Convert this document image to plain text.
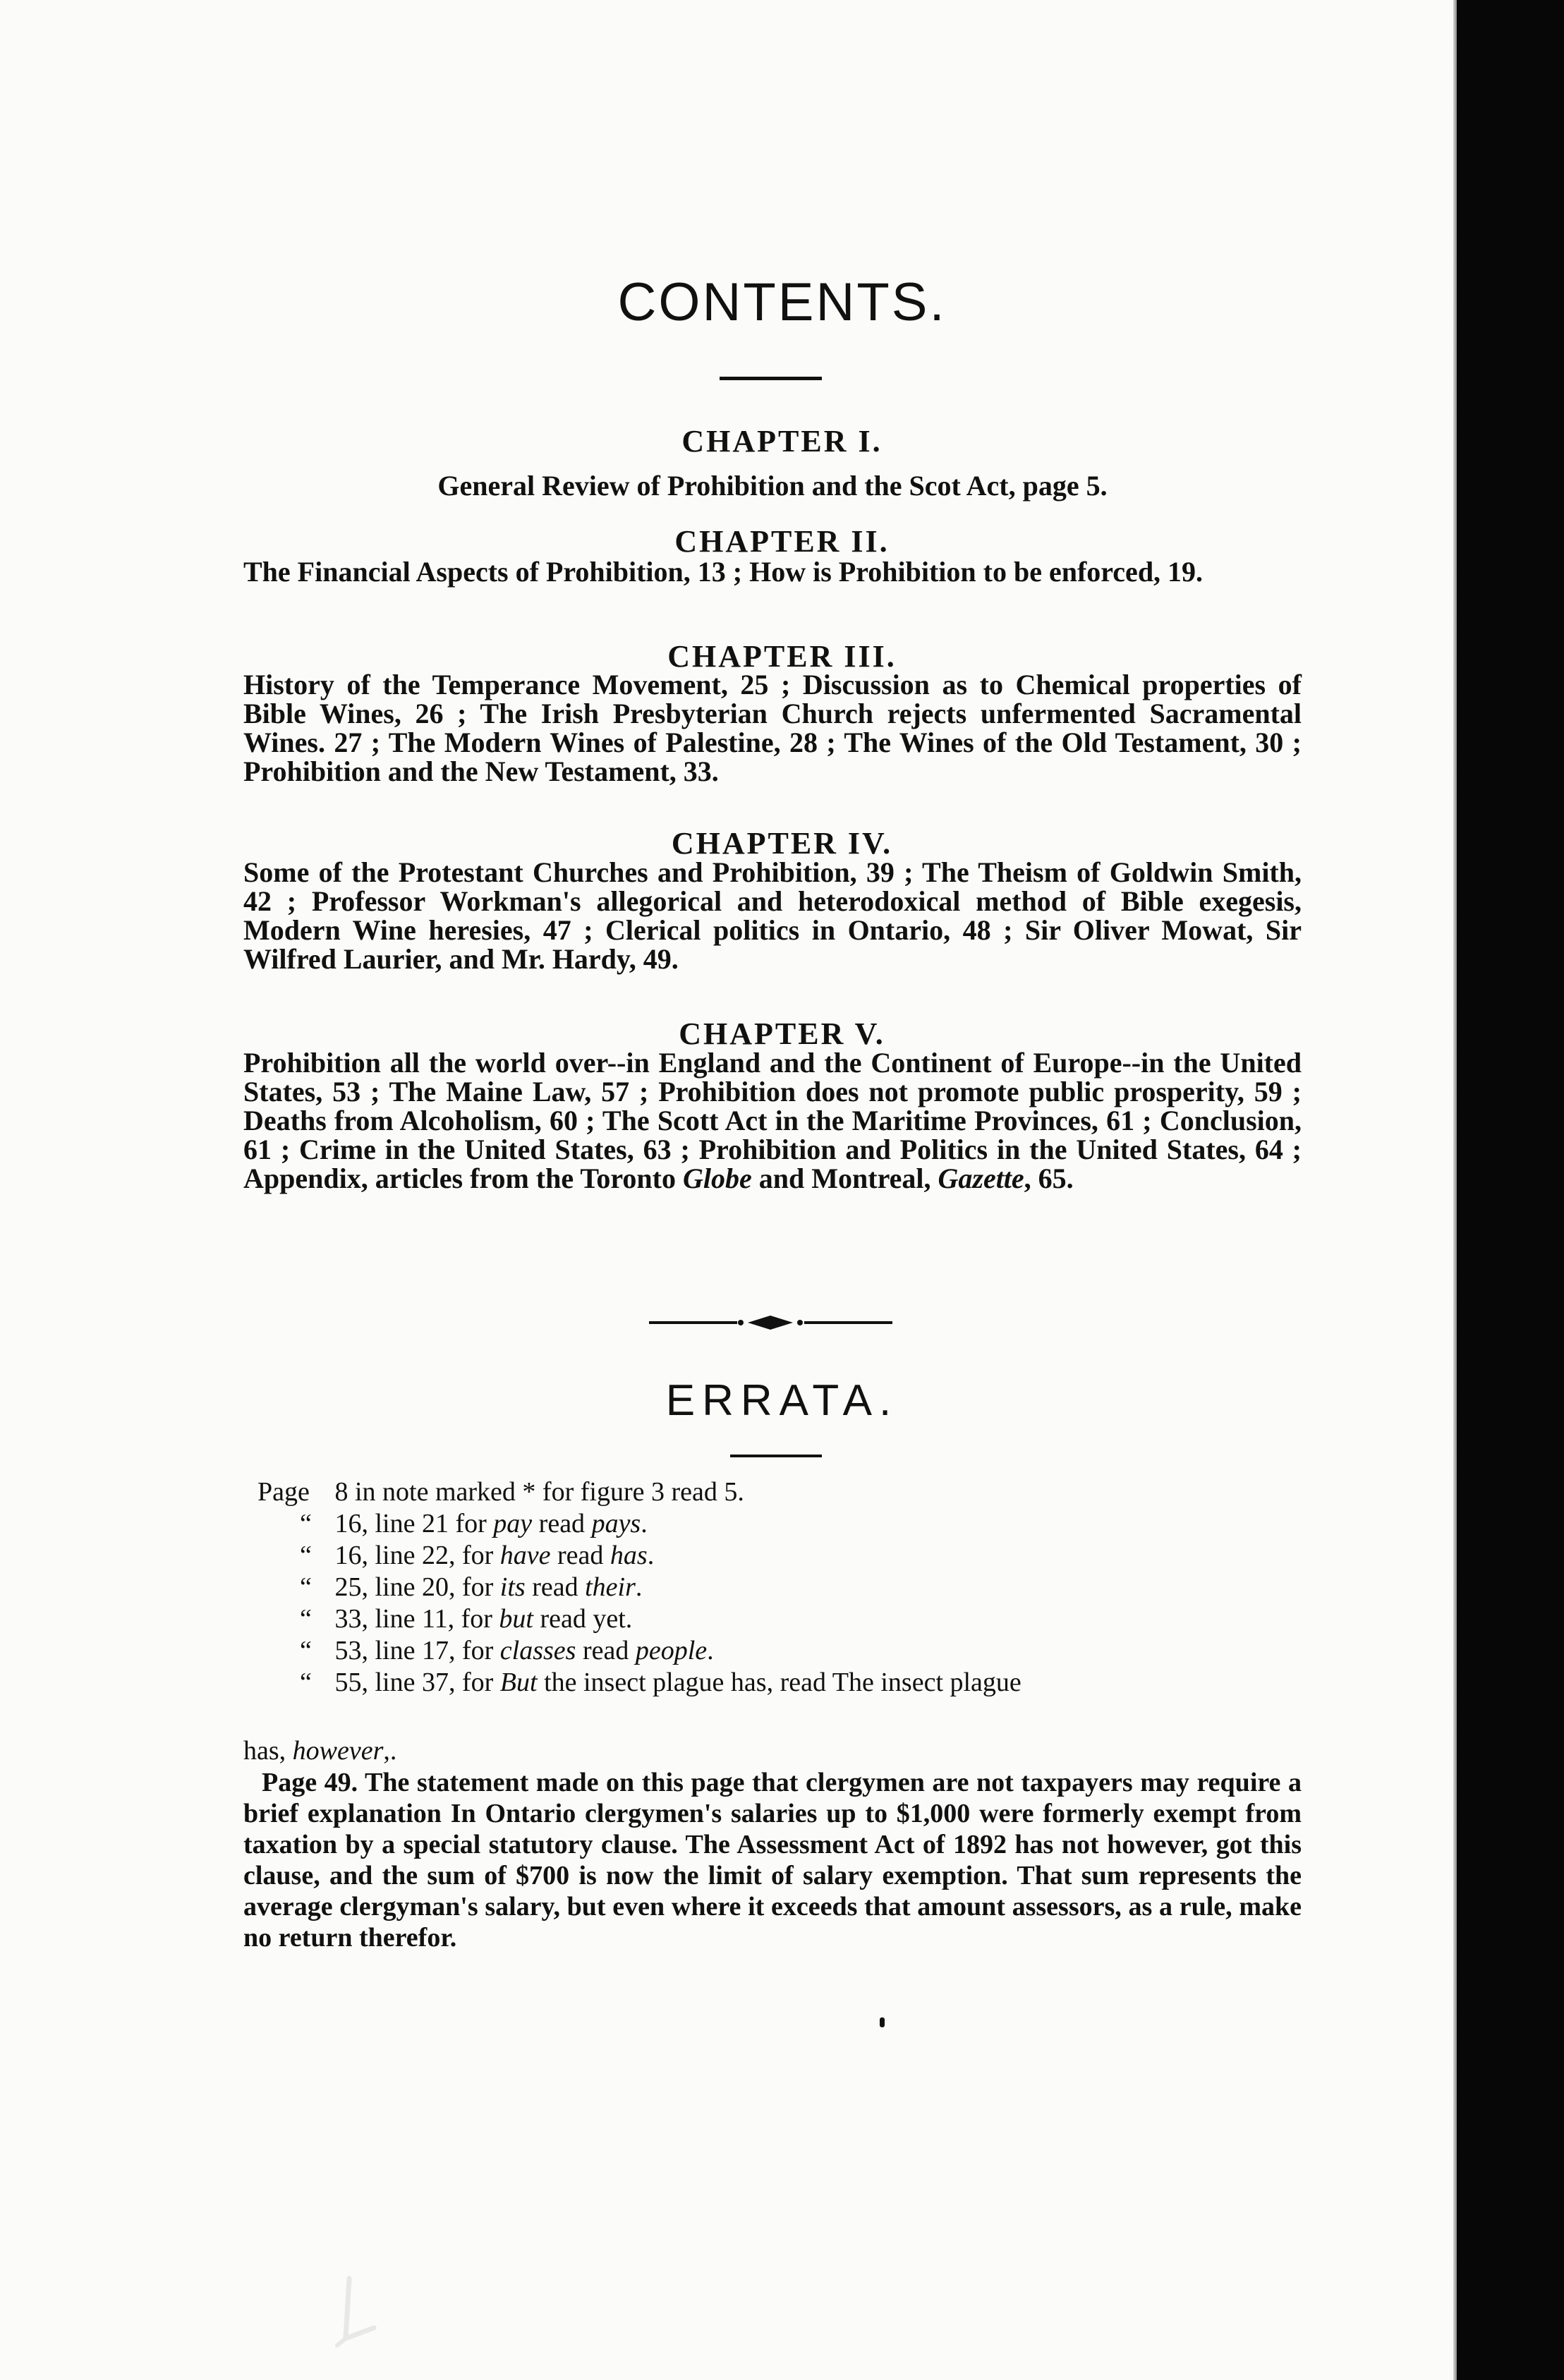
CONTENTS.
CHAPTER I.

General Review of Prohibition and the Scot Act, page 5.

CHAPTER II.

The Financial Aspects of Prohibition, 13 ; How is Prohibition to be enforced, 19.

CHAPTER III.

History of the Temperance Movement, 25 ; Discussion as to Chemical properties of Bible Wines, 26 ; The Irish Presbyterian Church rejects unfermented Sacramental Wines. 27 ; The Modern Wines of Palestine, 28 ; The Wines of the Old Testament, 30 ; Prohibition and the New Testament, 33.

CHAPTER IV.

Some of the Protestant Churches and Prohibition, 39 ; The Theism of Goldwin Smith, 42 ; Professor Workman's allegorical and heterodoxical method of Bible exegesis, Modern Wine heresies, 47 ; Clerical politics in Ontario, 48 ; Sir Oliver Mowat, Sir Wilfred Laurier, and Mr. Hardy, 49.

CHAPTER V.

Prohibition all the world over--in England and the Continent of Europe--in the United States, 53 ; The Maine Law, 57 ; Prohibition does not promote public prosperity, 59 ; Deaths from Alcoholism, 60 ; The Scott Act in the Maritime Provinces, 61 ; Conclusion, 61 ; Crime in the United States, 63 ; Prohibition and Politics in the United States, 64 ; Appendix, articles from the Toronto Globe and Montreal, Gazette, 65.

ERRATA.
Page 8 in note marked * for figure 3 read 5.
“ 16, line 21 for pay read pays.
“ 16, line 22, for have read has.
“ 25, line 20, for its read their.
“ 33, line 11, for but read yet.
“ 53, line 17, for classes read people.
“ 55, line 37, for But the insect plague has, read The insect plague

has, however,.

Page 49. The statement made on this page that clergymen are not taxpayers may require a brief explanation In Ontario clergymen's salaries up to $1,000 were formerly exempt from taxation by a special statutory clause. The Assessment Act of 1892 has not however, got this clause, and the sum of $700 is now the limit of salary exemption. That sum represents the average clergyman's salary, but even where it exceeds that amount assessors, as a rule, make no return therefor.
